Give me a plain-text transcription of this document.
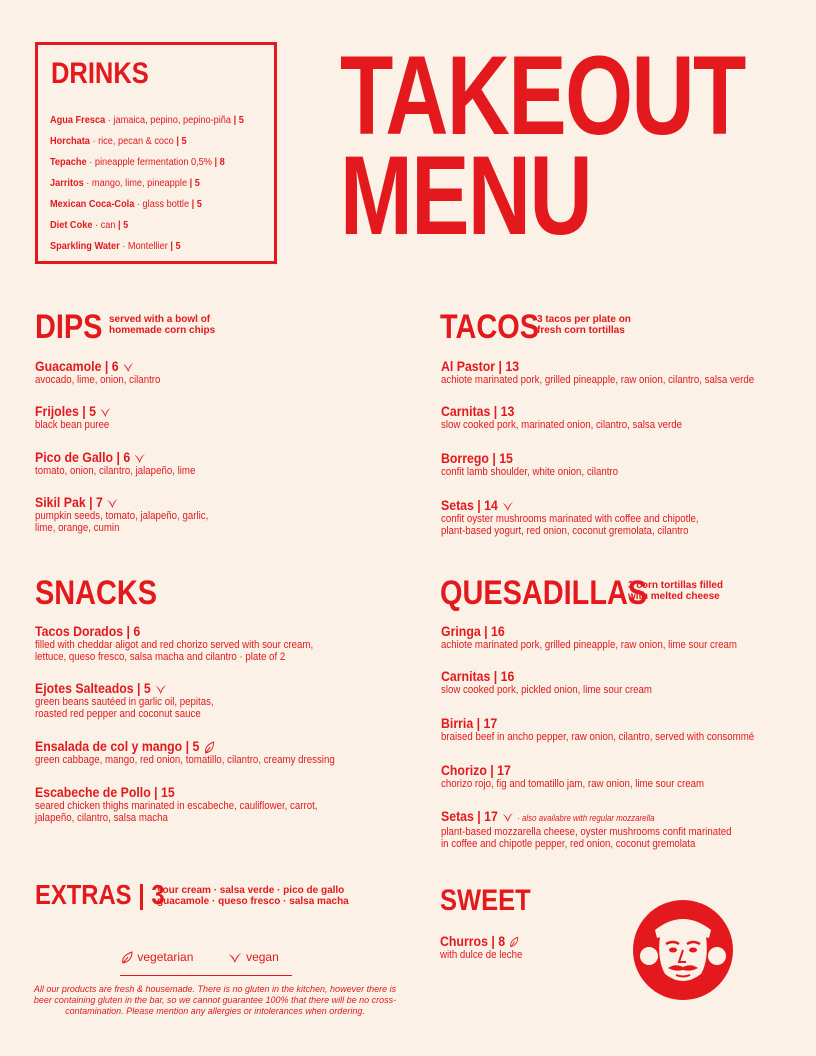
DRINKS
Agua Fresca · jamaica, pepino, pepino-piña | 5
Horchata · rice, pecan & coco | 5
Tepache · pineapple fermentation 0,5% | 8
Jarritos · mango, lime, pineapple | 5
Mexican Coca-Cola · glass bottle | 5
Diet Coke · can | 5
Sparkling Water · Montellier | 5
TAKEOUT
MENU
DIPS served with a bowl of
homemade corn chips
Guacamole | 6
avocado, lime, onion, cilantro
Frijoles | 5
black bean puree
Pico de Gallo | 6
tomato, onion, cilantro, jalapeño, lime
Sikil Pak | 7
pumpkin seeds, tomato, jalapeño, garlic,
lime, orange, cumin
TACOS
3 tacos per plate on
fresh corn tortillas
Al Pastor | 13
achiote marinated pork, grilled pineapple, raw onion, cilantro, salsa verde
Carnitas | 13
slow cooked pork, marinated onion, cilantro, salsa verde
Borrego | 15
confit lamb shoulder, white onion, cilantro
Setas | 14
confit oyster mushrooms marinated with coffee and chipotle,
plant-based yogurt, red onion, coconut gremolata, cilantro
SNACKS
Tacos Dorados | 6
filled with cheddar aligot and red chorizo served with sour cream,
lettuce, queso fresco, salsa macha and cilantro · plate of 2
Ejotes Salteados | 5
green beans sautéed in garlic oil, pepitas,
roasted red pepper and coconut sauce
Ensalada de col y mango | 5
green cabbage, mango, red onion, tomatillo, cilantro, creamy dressing
Escabeche de Pollo | 15
seared chicken thighs marinated in escabeche, cauliflower, carrot,
jalapeño, cilantro, salsa macha
QUESADILLAS
3 corn tortillas filled
with melted cheese
Gringa | 16
achiote marinated pork, grilled pineapple, raw onion, lime sour cream
Carnitas | 16
slow cooked pork, pickled onion, lime sour cream
Birria | 17
braised beef in ancho pepper, raw onion, cilantro, served with consommé
Chorizo | 17
chorizo rojo, fig and tomatillo jam, raw onion, lime sour cream
Setas | 17 · also availabre with regular mozzarella
plant-based mozzarella cheese, oyster mushrooms confit marinated
in coffee and chipotle pepper, red onion, coconut gremolata
EXTRAS | 3
sour cream · salsa verde · pico de gallo
guacamole · queso fresco · salsa macha	SWEET
Churros | 8
with dulce de leche
vegetarian	vegan
All our products are fresh & housemade. There is no gluten in the kitchen, however there is beer containing gluten in the bar, so we cannot guarantee 100% that there will be no cross-contamination. Please mention any allergies or intolerances when ordering.
